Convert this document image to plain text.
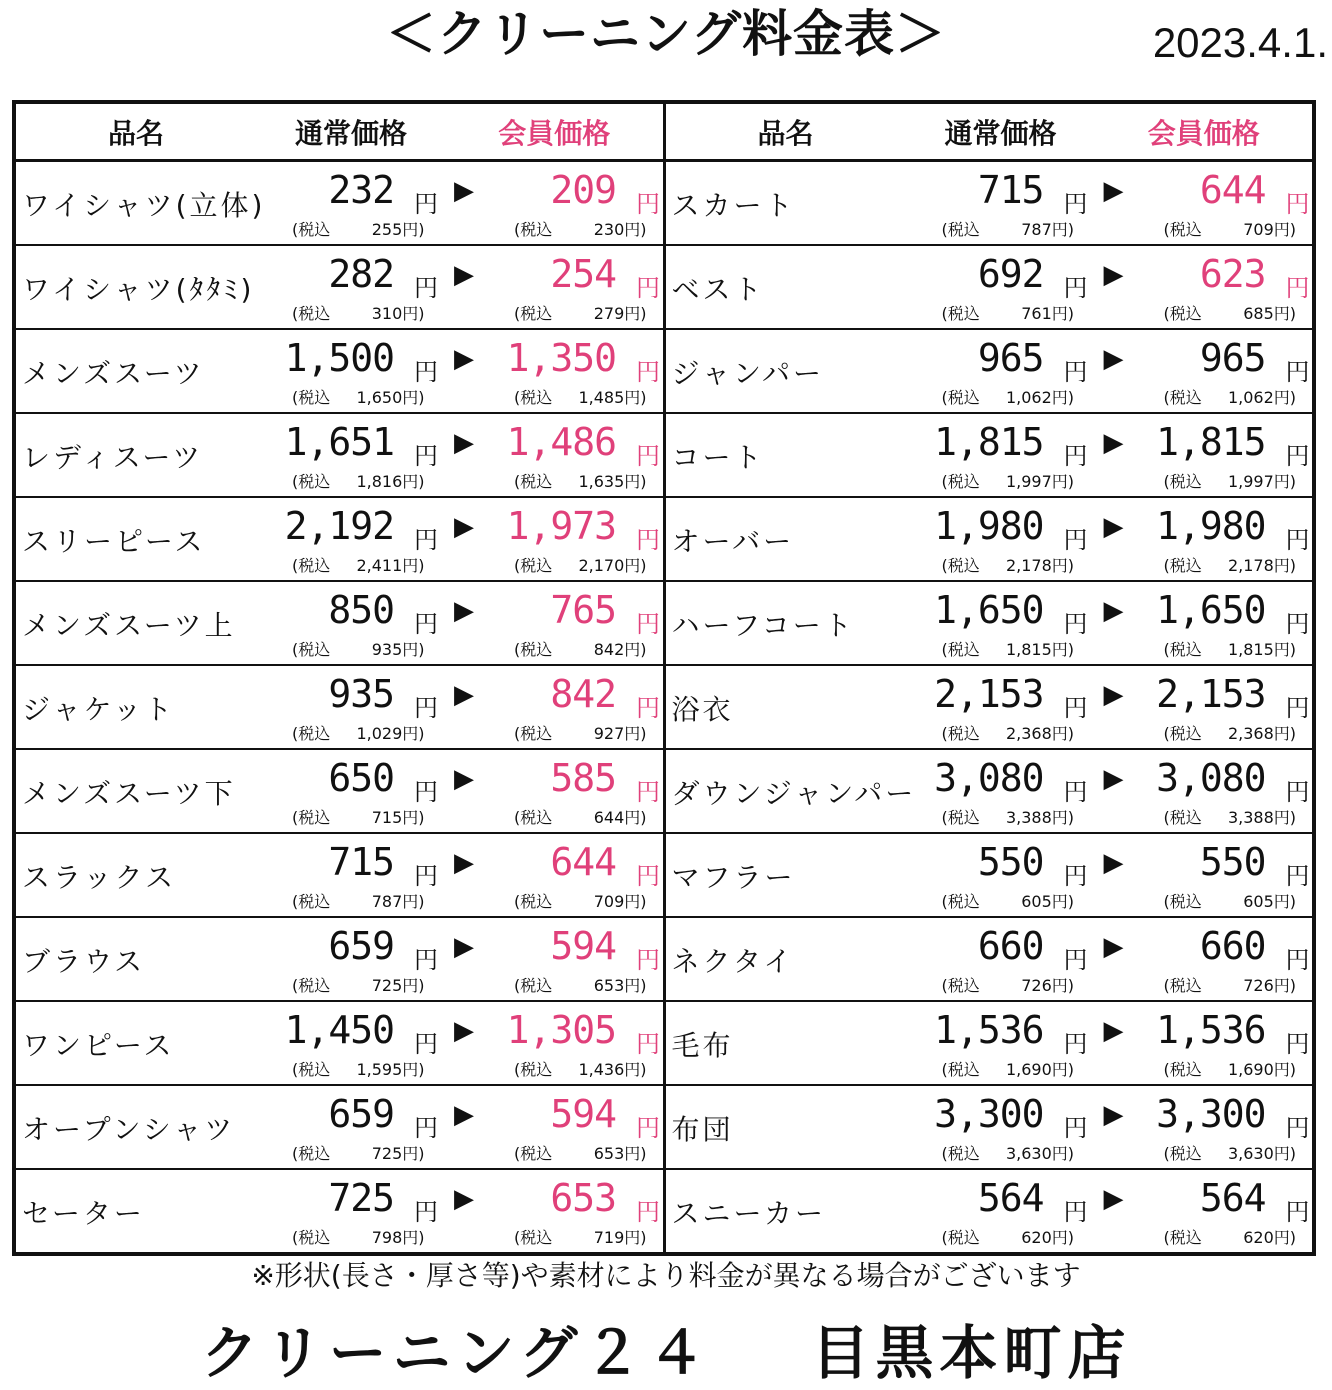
＜クリーニング料金表＞	2023.4.1.
品名	通常価格	会員価格
ワイシャツ(立体)	232 円 ▶	209 円
(税込	255円)	(税込	230円)
ワイシャツ(ﾀﾀﾐ)	282 円 ▶	254 円
(税込	310円)	(税込	279円)
メンズスーツ 1,500 円 ▶ 1,350 円
(税込 1,650円)	(税込 1,485円)
レディスーツ 1,651 円 ▶ 1,486 円
(税込 1,816円)	(税込 1,635円)
スリーピース 2,192 円 ▶ 1,973 円
(税込 2,411円)	(税込 2,170円)
メンズスーツ上	850 円 ▶	765 円
(税込	935円)	(税込	842円)
ジャケット	935 円 ▶	842 円
(税込 1,029円)	(税込	927円)
メンズスーツ下	650 円 ▶	585 円
(税込	715円)	(税込	644円)
スラックス	715 円 ▶	644 円
(税込	787円)	(税込	709円)
ブラウス	659 円 ▶	594 円
(税込	725円)	(税込	653円)
ワンピース	1,450 円 ▶ 1,305 円
(税込 1,595円)	(税込 1,436円)
オープンシャツ	659 円 ▶	594 円
(税込	725円)	(税込	653円)
セーター	725 円 ▶	653 円
(税込	798円)	(税込	719円)
品名	通常価格	会員価格
スカート	715 円 ▶	644 円
(税込	787円)	(税込	709円)
ベスト	692 円 ▶	623 円
(税込	761円)	(税込	685円)
ジャンパー	965 円 ▶	965 円
(税込 1,062円)	(税込 1,062円)
コート	1,815 円 ▶ 1,815 円
(税込 1,997円)	(税込 1,997円)
オーバー	1,980 円 ▶ 1,980 円
(税込 2,178円)	(税込 2,178円)
ハーフコート 1,650 円 ▶ 1,650 円
(税込 1,815円)	(税込 1,815円)
浴衣	2,153 円 ▶ 2,153 円
(税込 2,368円)	(税込 2,368円)
ダウンジャンパー 3,080 円 ▶ 3,080 円
(税込 3,388円)	(税込 3,388円)
マフラー	550 円 ▶	550 円
(税込	605円)	(税込	605円)
ネクタイ	660 円 ▶	660 円
(税込	726円)	(税込	726円)
毛布	1,536 円 ▶ 1,536 円
(税込 1,690円)	(税込 1,690円)
布団	3,300 円 ▶ 3,300 円
(税込 3,630円)	(税込 3,630円)
スニーカー	564 円 ▶	564 円
(税込	620円)	(税込	620円)
※形状(長さ・厚さ等)や素材により料金が異なる場合がございます
クリーニング２４ 目黒本町店
